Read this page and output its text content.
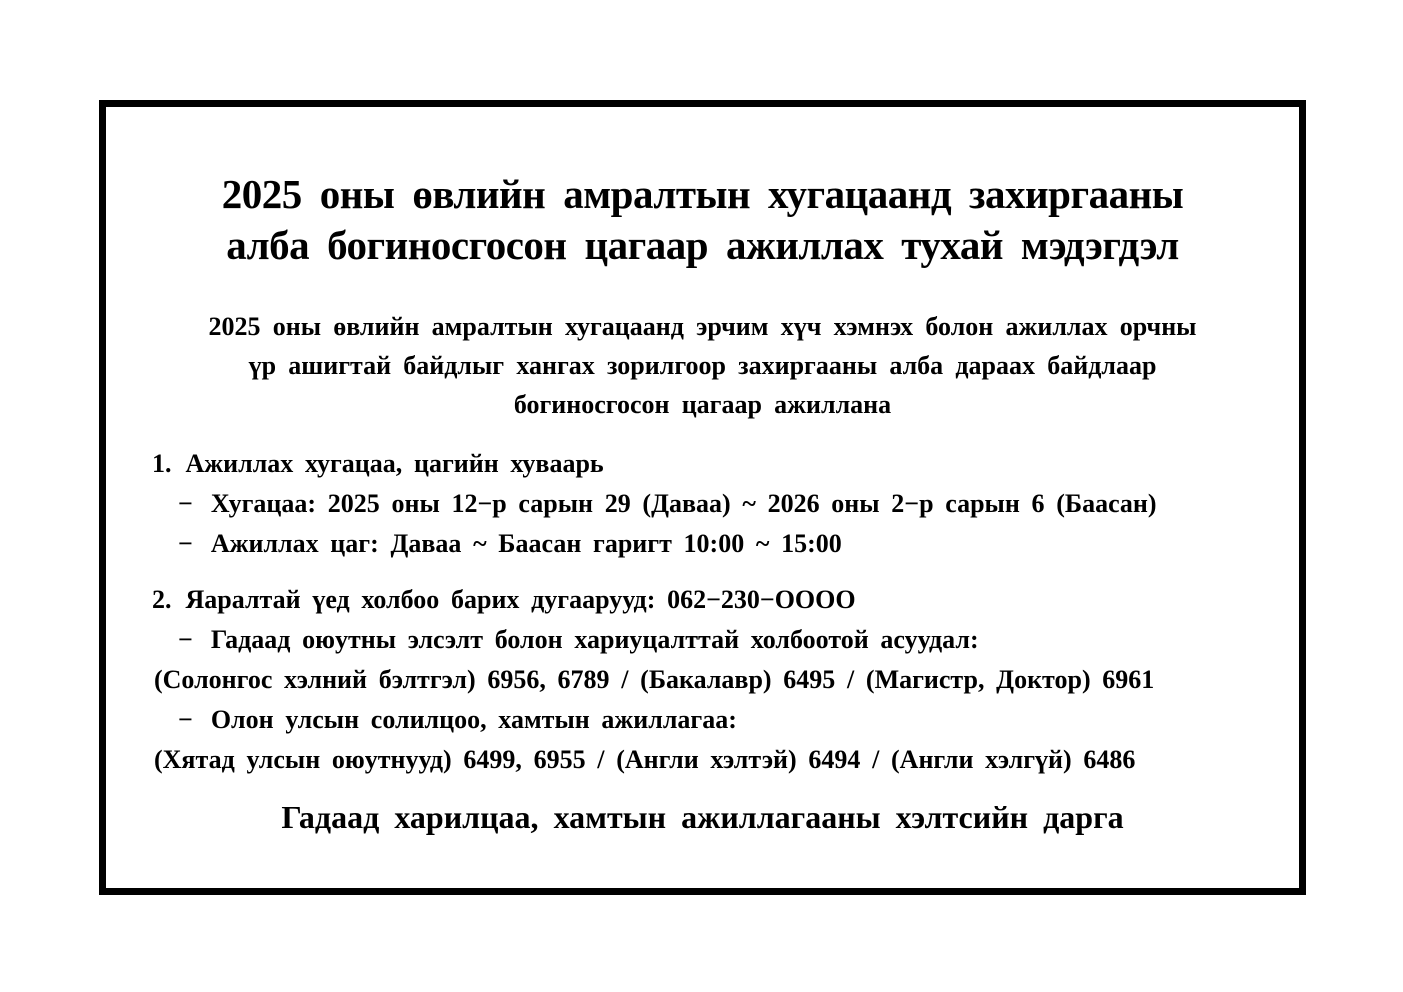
2025 оны өвлийн амралтын хугацаанд захиргааны
алба богиносгосон цагаар ажиллах тухай мэдэгдэл

2025 оны өвлийн амралтын хугацаанд эрчим хүч хэмнэх болон ажиллах орчны
үр ашигтай байдлыг хангах зорилгоор захиргааны алба дараах байдлаар
богиносгосон цагаар ажиллана

1. Ажиллах хугацаа, цагийн хуваарь
− Хугацаа: 2025 оны 12−р сарын 29 (Даваа) ~ 2026 оны 2−р сарын 6 (Баасан)
− Ажиллах цаг: Даваа ~ Баасан гаригт 10:00 ~ 15:00
2. Яаралтай үед холбоо барих дугаарууд: 062−230−OOOO
− Гадаад оюутны элсэлт болон хариуцалттай холбоотой асуудал:
(Солонгос хэлний бэлтгэл) 6956, 6789 / (Бакалавр) 6495 / (Магистр, Доктор) 6961
− Олон улсын солилцоо, хамтын ажиллагаа:
(Хятад улсын оюутнууд) 6499, 6955 / (Англи хэлтэй) 6494 / (Англи хэлгүй) 6486
Гадаад харилцаа, хамтын ажиллагааны хэлтсийн дарга
